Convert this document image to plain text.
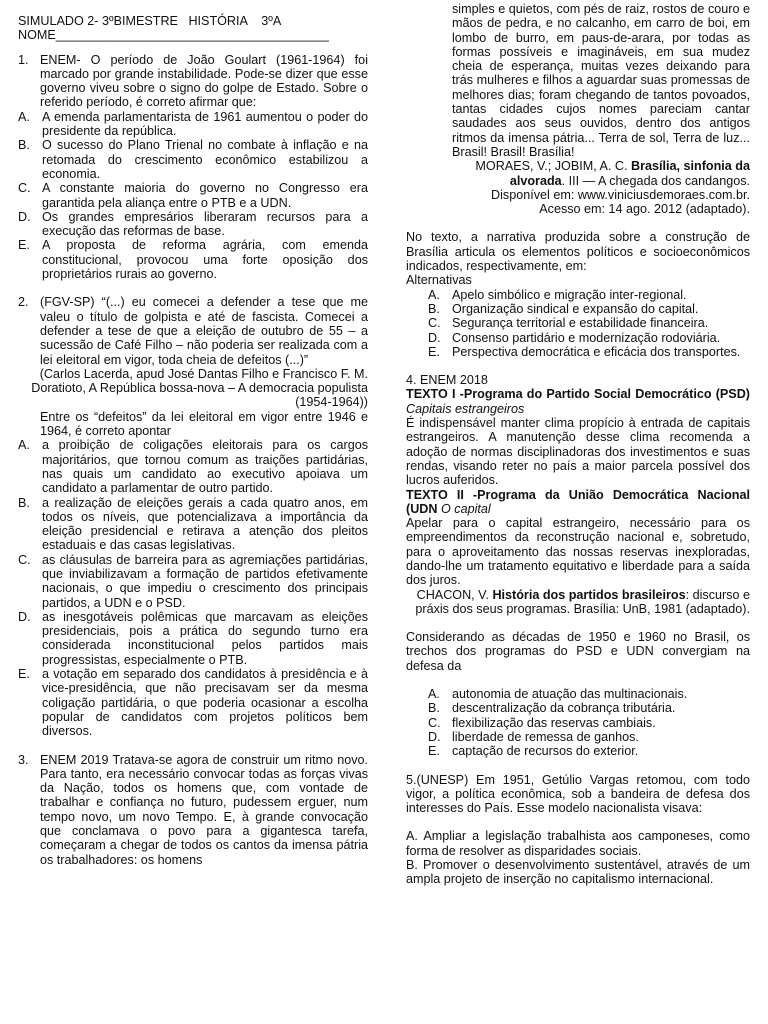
SIMULADO 2- 3ºBIMESTRE   HISTÓRIA    3ºA

NOME_______________________________________

1. ENEM- O período de João Goulart (1961-1964) foi marcado por grande instabilidade. Pode-se dizer que esse governo viveu sobre o signo do golpe de Estado. Sobre o referido período, é correto afirmar que:
A. A emenda parlamentarista de 1961 aumentou o poder do presidente da república.
B. O sucesso do Plano Trienal no combate à inflação e na retomada do crescimento econômico estabilizou a economia.
C. A constante maioria do governo no Congresso era garantida pela aliança entre o PTB e a UDN.
D. Os grandes empresários liberaram recursos para a execução das reformas de base.
E. A proposta de reforma agrária, com emenda constitucional, provocou uma forte oposição dos proprietários rurais ao governo.
2. (FGV-SP) “(...) eu comecei a defender a tese que me valeu o título de golpista e até de fascista. Comecei a defender a tese de que a eleição de outubro de 55 – a sucessão de Café Filho – não poderia ser realizada com a lei eleitoral em vigor, toda cheia de defeitos (...)”

(Carlos Lacerda, apud José Dantas Filho e Francisco F. M. Doratioto, A República bossa-nova – A democracia populista (1954-1964))

Entre os “defeitos” da lei eleitoral em vigor entre 1946 e 1964, é correto apontar

A. a proibição de coligações eleitorais para os cargos majoritários, que tornou comum as traições partidárias, nas quais um candidato ao executivo apoiava um candidato a parlamentar de outro partido.
B. a realização de eleições gerais a cada quatro anos, em todos os níveis, que potencializava a importância da eleição presidencial e retirava a atenção dos pleitos estaduais e das casas legislativas.
C. as cláusulas de barreira para as agremiações partidárias, que inviabilizavam a formação de partidos efetivamente nacionais, o que impediu o crescimento dos principais partidos, a UDN e o PSD.
D. as inesgotáveis polêmicas que marcavam as eleições presidenciais, pois a prática do segundo turno era considerada inconstitucional pelos partidos mais progressistas, especialmente o PTB.
E. a votação em separado dos candidatos à presidência e à vice-presidência, que não precisavam ser da mesma coligação partidária, o que poderia ocasionar a escolha popular de candidatos com projetos políticos bem diversos.
3. ENEM 2019 Tratava-se agora de construir um ritmo novo. Para tanto, era necessário convocar todas as forças vivas da Nação, todos os homens que, com vontade de trabalhar e confiança no futuro, pudessem erguer, num tempo novo, um novo Tempo. E, à grande convocação que conclamava o povo para a gigantesca tarefa, começaram a chegar de todos os cantos da imensa pátria os trabalhadores: os homens

simples e quietos, com pés de raiz, rostos de couro e mãos de pedra, e no calcanho, em carro de boi, em lombo de burro, em paus-de-arara, por todas as formas possíveis e imagináveis, em sua mudez cheia de esperança, muitas vezes deixando para trás mulheres e filhos a aguardar suas promessas de melhores dias; foram chegando de tantos povoados, tantas cidades cujos nomes pareciam cantar saudades aos seus ouvidos, dentro dos antigos ritmos da imensa pátria... Terra de sol, Terra de luz... Brasil! Brasil! Brasília!

MORAES, V.; JOBIM, A. C. Brasília, sinfonia da alvorada. III — A chegada dos candangos. Disponível em: www.viniciusdemoraes.com.br. Acesso em: 14 ago. 2012 (adaptado).

No texto, a narrativa produzida sobre a construção de Brasília articula os elementos políticos e socioeconômicos indicados, respectivamente, em:

Alternativas

A. Apelo simbólico e migração inter-regional.
B. Organização sindical e expansão do capital.
C. Segurança territorial e estabilidade financeira.
D. Consenso partidário e modernização rodoviária.
E. Perspectiva democrática e eficácia dos transportes.

4. ENEM 2018

TEXTO I -Programa do Partido Social Democrático (PSD) Capitais estrangeiros

É indispensável manter clima propício à entrada de capitais estrangeiros. A manutenção desse clima recomenda a adoção de normas disciplinadoras dos investimentos e suas rendas, visando reter no país a maior parcela possível dos lucros auferidos.

TEXTO II -Programa da União Democrática Nacional (UDN O capital

Apelar para o capital estrangeiro, necessário para os empreendimentos da reconstrução nacional e, sobretudo, para o aproveitamento das nossas reservas inexploradas, dando-lhe um tratamento equitativo e liberdade para a saída dos juros.

CHACON, V. História dos partidos brasileiros: discurso e práxis dos seus programas. Brasília: UnB, 1981 (adaptado).

Considerando as décadas de 1950 e 1960 no Brasil, os trechos dos programas do PSD e UDN convergiam na defesa da

A. autonomia de atuação das multinacionais.
B. descentralização da cobrança tributária.
C. flexibilização das reservas cambiais.
D. liberdade de remessa de ganhos.
E. captação de recursos do exterior.

5.(UNESP) Em 1951, Getúlio Vargas retomou, com todo vigor, a política econômica, sob a bandeira de defesa dos interesses do País. Esse modelo nacionalista visava:

A. Ampliar a legislação trabalhista aos camponeses, como forma de resolver as disparidades sociais.

B. Promover o desenvolvimento sustentável, através de um ampla projeto de inserção no capitalismo internacional.
